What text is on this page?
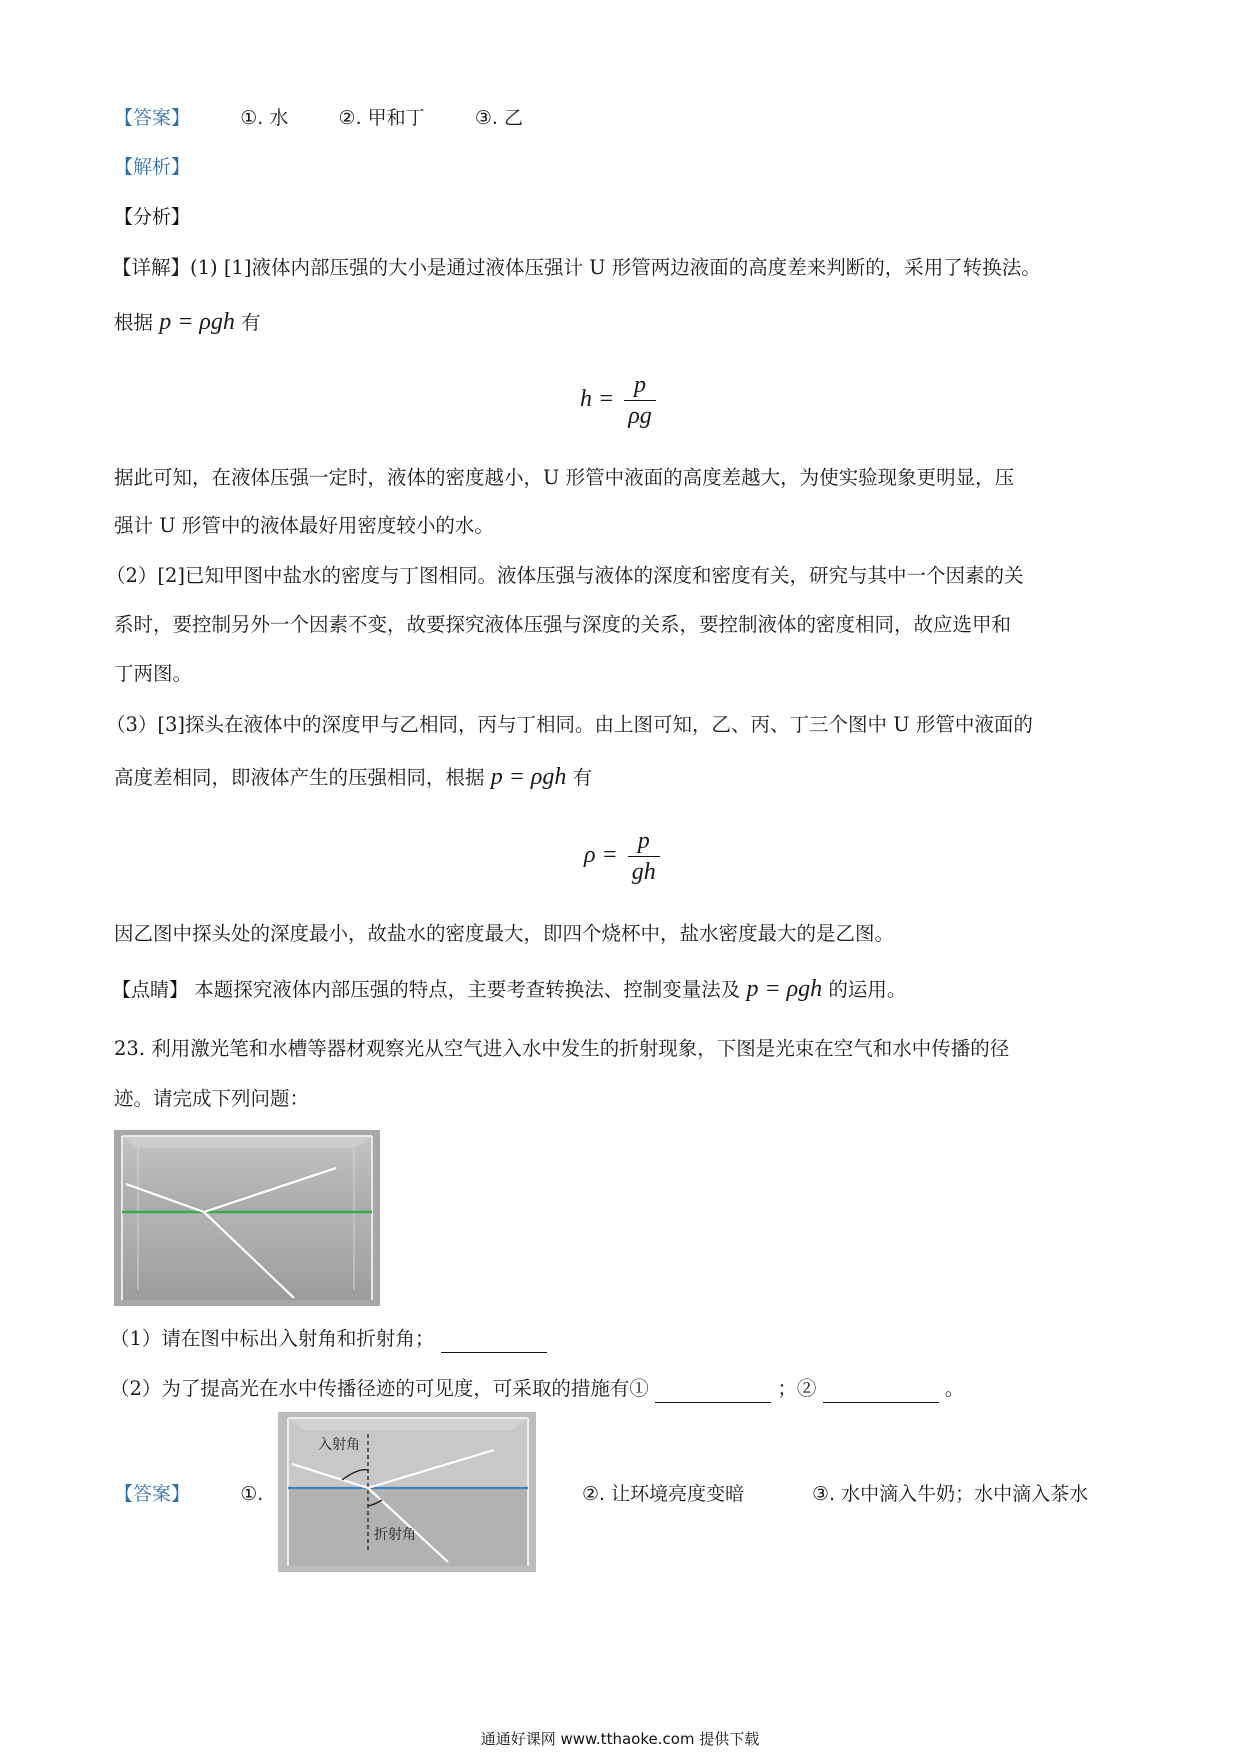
【答案】	①. 水	②. 甲和丁	③. 乙
【解析】
【分析】
【详解】(1) [1]液体内部压强的大小是通过液体压强计 U 形管两边液面的高度差来判断的，采用了转换法。
根据 p = ρgh 有
$h = \frac{p}{\rho g}$
据此可知，在液体压强一定时，液体的密度越小，U 形管中液面的高度差越大，为使实验现象更明显，压
强计 U 形管中的液体最好用密度较小的水。
（2）[2]已知甲图中盐水的密度与丁图相同。液体压强与液体的深度和密度有关，研究与其中一个因素的关
系时，要控制另外一个因素不变，故要探究液体压强与深度的关系，要控制液体的密度相同，故应选甲和
丁两图。
（3）[3]探头在液体中的深度甲与乙相同，丙与丁相同。由上图可知，乙、丙、丁三个图中 U 形管中液面的
高度差相同，即液体产生的压强相同，根据 p = ρgh 有
$\rho = \frac{p}{gh}$
因乙图中探头处的深度最小，故盐水的密度最大，即四个烧杯中，盐水密度最大的是乙图。
【点睛】 本题探究液体内部压强的特点，主要考查转换法、控制变量法及 p = ρgh 的运用。
23. 利用激光笔和水槽等器材观察光从空气进入水中发生的折射现象，下图是光束在空气和水中传播的径
迹。请完成下列问题：
（1）请在图中标出入射角和折射角；
（2）为了提高光在水中传播径迹的可见度，可采取的措施有①	；②	。
【答案】	①.
入射角
折射角
②. 让环境亮度变暗	③. 水中滴入牛奶；水中滴入茶水
通通好课网 www.tthaoke.com 提供下载
